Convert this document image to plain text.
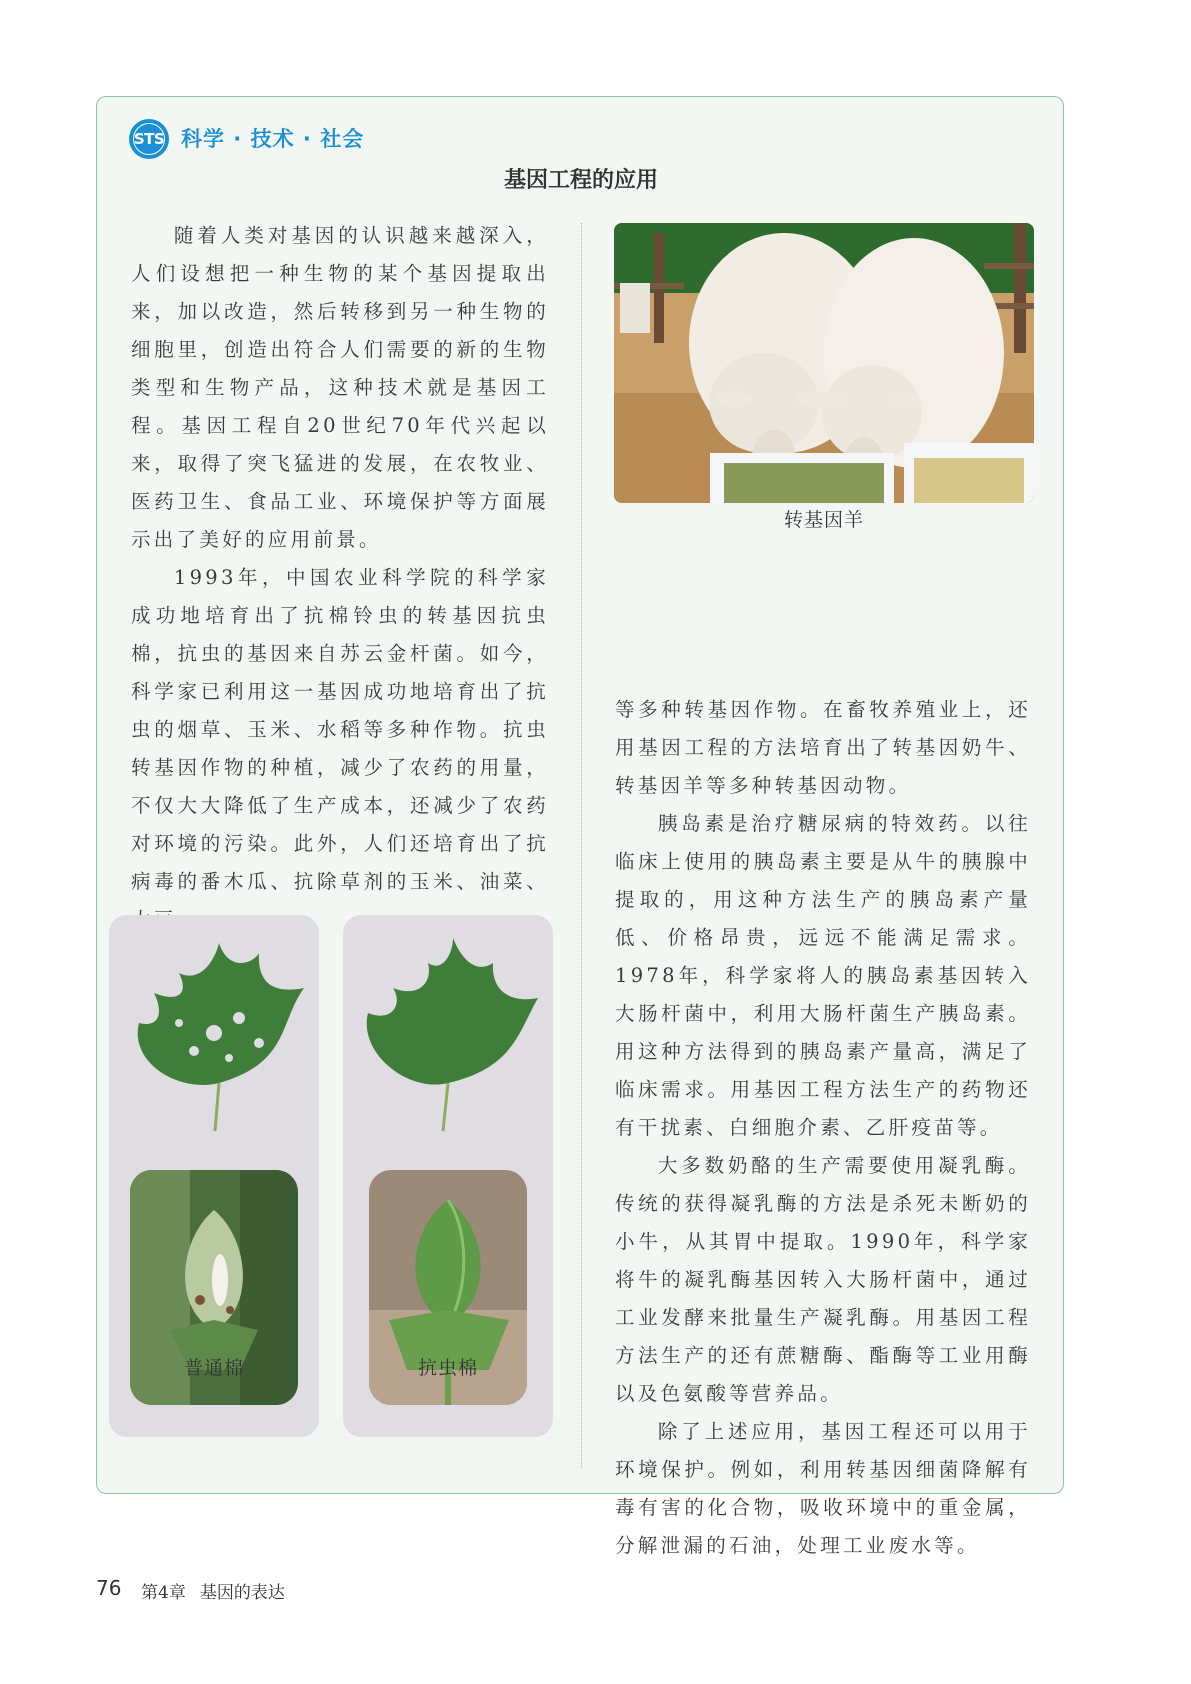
STS 科学 · 技术 · 社会
基因工程的应用

随着人类对基因的认识越来越深入，人们设想把一种生物的某个基因提取出来，加以改造，然后转移到另一种生物的细胞里，创造出符合人们需要的新的生物类型和生物产品，这种技术就是基因工程。基因工程自20世纪70年代兴起以来，取得了突飞猛进的发展，在农牧业、医药卫生、食品工业、环境保护等方面展示出了美好的应用前景。

1993年，中国农业科学院的科学家成功地培育出了抗棉铃虫的转基因抗虫棉，抗虫的基因来自苏云金杆菌。如今，科学家已利用这一基因成功地培育出了抗虫的烟草、玉米、水稻等多种作物。抗虫转基因作物的种植，减少了农药的用量，不仅大大降低了生产成本，还减少了农药对环境的污染。此外，人们还培育出了抗病毒的番木瓜、抗除草剂的玉米、油菜、

转基因羊

等多种转基因作物。在畜牧养殖业上，还用基因工程的方法培育出了转基因奶牛、转基因羊等多种转基因动物。

胰岛素是治疗糖尿病的特效药。以往临床上使用的胰岛素主要是从牛的胰腺中提取的，用这种方法生产的胰岛素产量低、价格昂贵，远远不能满足需求。1978年，科学家将人的胰岛素基因转入大肠杆菌中，利用大肠杆菌生产胰岛素。用这种方法得到的胰岛素产量高，满足了临床需求。用基因工程方法生产的药物还有干扰素、白细胞介素、乙肝疫苗等。

大多数奶酪的生产需要使用凝乳酶。传统的获得凝乳酶的方法是杀死未断奶的小牛，从其胃中提取。1990年，科学家将牛的凝乳酶基因转入大肠杆菌中，通过工业发酵来批量生产凝乳酶。用基因工程方法生产的还有蔗糖酶、酯酶等工业用酶以及色氨酸等营养品。

除了上述应用，基因工程还可以用于环境保护。例如，利用转基因细菌降解有毒有害的化合物，吸收环境中的重金属，分解泄漏的石油，处理工业废水等。

普通棉	抗虫棉
76 第4章 基因的表达
